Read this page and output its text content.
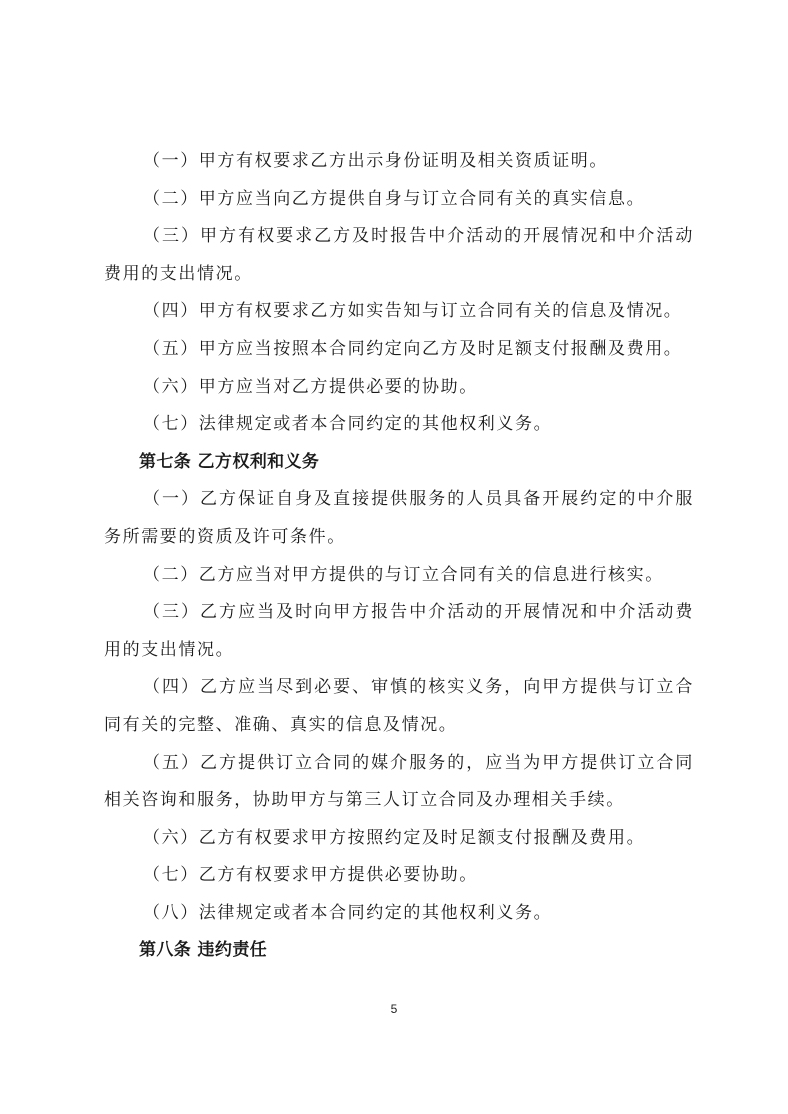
（一）甲方有权要求乙方出示身份证明及相关资质证明。

（二）甲方应当向乙方提供自身与订立合同有关的真实信息。

（三）甲方有权要求乙方及时报告中介活动的开展情况和中介活动费用的支出情况。

（四）甲方有权要求乙方如实告知与订立合同有关的信息及情况。

（五）甲方应当按照本合同约定向乙方及时足额支付报酬及费用。

（六）甲方应当对乙方提供必要的协助。

（七）法律规定或者本合同约定的其他权利义务。

第七条 乙方权利和义务

（一）乙方保证自身及直接提供服务的人员具备开展约定的中介服务所需要的资质及许可条件。

（二）乙方应当对甲方提供的与订立合同有关的信息进行核实。

（三）乙方应当及时向甲方报告中介活动的开展情况和中介活动费用的支出情况。

（四）乙方应当尽到必要、审慎的核实义务，向甲方提供与订立合同有关的完整、准确、真实的信息及情况。

（五）乙方提供订立合同的媒介服务的，应当为甲方提供订立合同相关咨询和服务，协助甲方与第三人订立合同及办理相关手续。

（六）乙方有权要求甲方按照约定及时足额支付报酬及费用。

（七）乙方有权要求甲方提供必要协助。

（八）法律规定或者本合同约定的其他权利义务。

第八条 违约责任

5
